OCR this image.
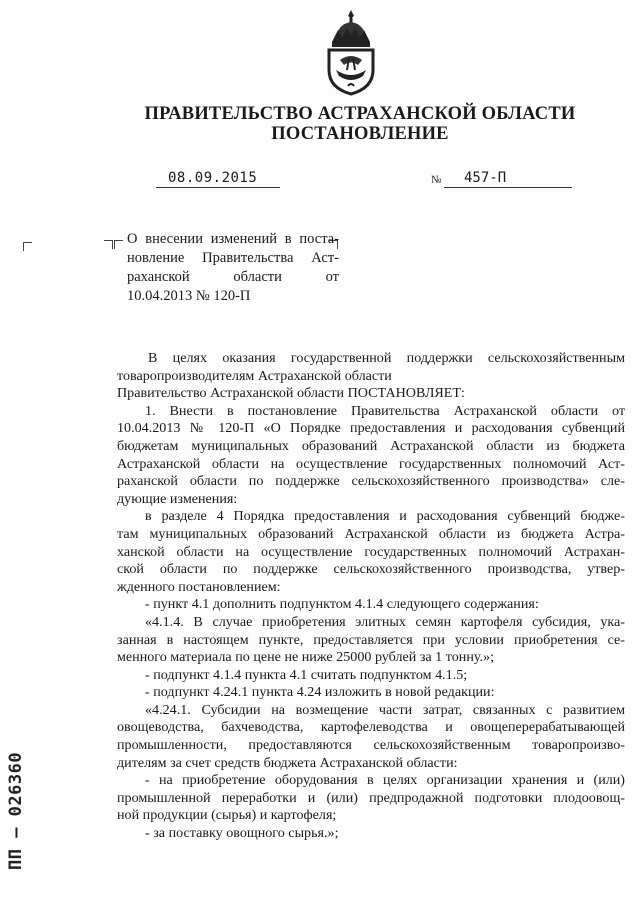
ПРАВИТЕЛЬСТВО АСТРАХАНСКОЙ ОБЛАСТИ
ПОСТАНОВЛЕНИЕ
08.09.2015	№ 457-П
О внесении изменений в поста-
новление Правительства Аст-
раханской области от
10.04.2013 № 120-П
В целях оказания государственной поддержки сельскохозяйственным
товаропроизводителям Астраханской области
Правительство Астраханской области ПОСТАНОВЛЯЕТ:
1. Внести в постановление Правительства Астраханской области от
10.04.2013 № 120-П «О Порядке предоставления и расходования субвенций
бюджетам муниципальных образований Астраханской области из бюджета
Астраханской области на осуществление государственных полномочий Аст-
раханской области по поддержке сельскохозяйственного производства» сле-
дующие изменения:
в разделе 4 Порядка предоставления и расходования субвенций бюдже-
там муниципальных образований Астраханской области из бюджета Астра-
ханской области на осуществление государственных полномочий Астрахан-
ской области по поддержке сельскохозяйственного производства, утвер-
жденного постановлением:
- пункт 4.1 дополнить подпунктом 4.1.4 следующего содержания:
«4.1.4. В случае приобретения элитных семян картофеля субсидия, ука-
занная в настоящем пункте, предоставляется при условии приобретения се-
менного материала по цене не ниже 25000 рублей за 1 тонну.»;
- подпункт 4.1.4 пункта 4.1 считать подпунктом 4.1.5;
- подпункт 4.24.1 пункта 4.24 изложить в новой редакции:
«4.24.1. Субсидии на возмещение части затрат, связанных с развитием
овощеводства, бахчеводства, картофелеводства и овощеперерабатывающей
промышленности, предоставляются сельскохозяйственным товаропроизво-
дителям за счет средств бюджета Астраханской области:
- на приобретение оборудования в целях организации хранения и (или)
промышленной переработки и (или) предпродажной подготовки плодоовощ-
ной продукции (сырья) и картофеля;
- за поставку овощного сырья.»;
ПП – 026360
